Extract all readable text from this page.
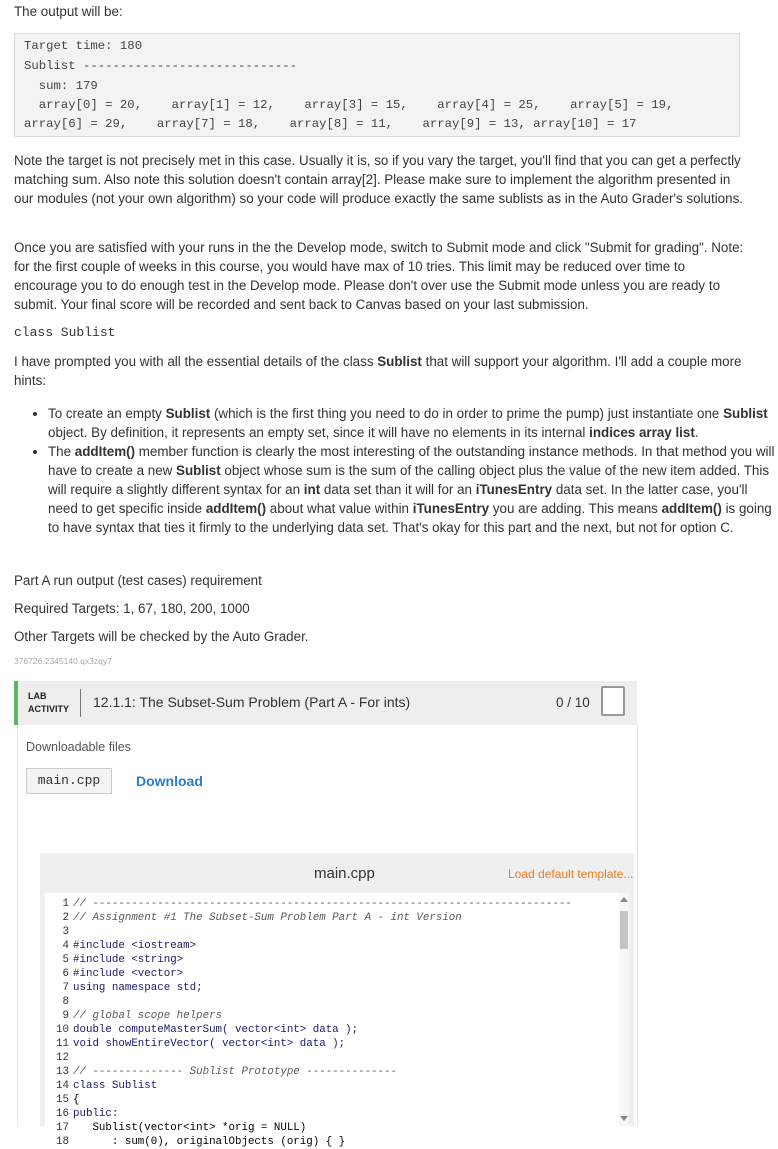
The output will be:
Target time: 180
Sublist -----------------------------
sum: 179
array[0] = 20,    array[1] = 12,    array[3] = 15,    array[4] = 25,    array[5] = 19,
array[6] = 29,    array[7] = 18,    array[8] = 11,    array[9] = 13, array[10] = 17

Note the target is not precisely met in this case. Usually it is, so if you vary the target, you'll find that you can get a perfectly matching sum. Also note this solution doesn't contain array[2]. Please make sure to implement the algorithm presented in our modules (not your own algorithm) so your code will produce exactly the same sublists as in the Auto Grader's solutions.

Once you are satisfied with your runs in the the Develop mode, switch to Submit mode and click "Submit for grading". Note: for the first couple of weeks in this course, you would have max of 10 tries. This limit may be reduced over time to encourage you to do enough test in the Develop mode. Please don't over use the Submit mode unless you are ready to submit. Your final score will be recorded and sent back to Canvas based on your last submission.

class Sublist

I have prompted you with all the essential details of the class Sublist that will support your algorithm. I'll add a couple more hints:

• To create an empty Sublist (which is the first thing you need to do in order to prime the pump) just instantiate one Sublist object. By definition, it represents an empty set, since it will have no elements in its internal indices array list.
• The addItem() member function is clearly the most interesting of the outstanding instance methods. In that method you will have to create a new Sublist object whose sum is the sum of the calling object plus the value of the new item added. This will require a slightly different syntax for an int data set than it will for an iTunesEntry data set. In the latter case, you'll need to get specific inside addItem() about what value within iTunesEntry you are adding. This means addItem() is going to have syntax that ties it firmly to the underlying data set. That's okay for this part and the next, but not for option C.
Part A run output (test cases) requirement
Required Targets: 1, 67, 180, 200, 1000
Other Targets will be checked by the Auto Grader.
376726.2345140.qx3zqy7
LAB
ACTIVITY 12.1.1: The Subset-Sum Problem (Part A - For ints)	0 / 10
Downloadable files
main.cpp	Download
main.cpp	Load default template...
1 // --------------------------------------------------------------------------
2 // Assignment #1 The Subset-Sum Problem Part A - int Version
3
4 #include <iostream>
5 #include <string>
6 #include <vector>
7 using namespace std;
8
9 // global scope helpers
10 double computeMasterSum( vector<int> data );
11 void showEntireVector( vector<int> data );
12
13 // -------------- Sublist Prototype --------------
14 class Sublist
15 {
16 public:
17   Sublist(vector<int> *orig = NULL)
18      : sum(0), originalObjects (orig) { }
